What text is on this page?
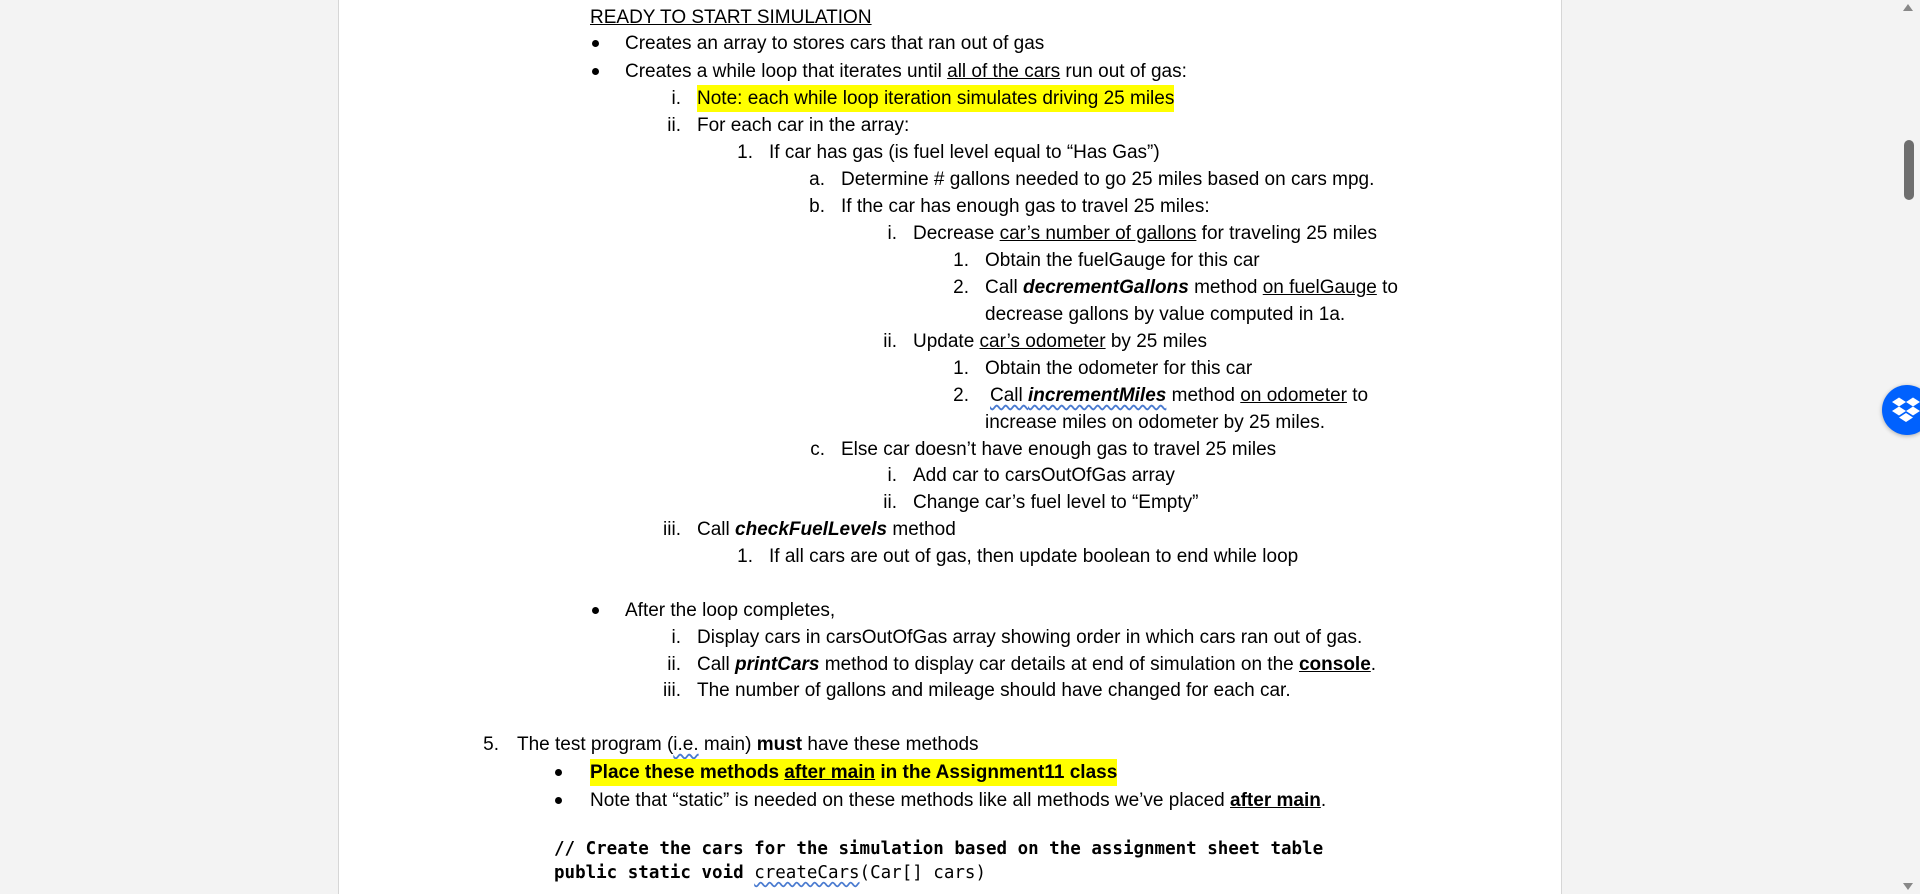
READY TO START SIMULATION
Creates an array to stores cars that ran out of gas
Creates a while loop that iterates until all of the cars run out of gas:
i. Note: each while loop iteration simulates driving 25 miles
ii. For each car in the array:
1. If car has gas (is fuel level equal to “Has Gas”)
a. Determine # gallons needed to go 25 miles based on cars mpg.
b. If the car has enough gas to travel 25 miles:
i. Decrease car’s number of gallons for traveling 25 miles
1. Obtain the fuelGauge for this car
2. Call decrementGallons method on fuelGauge to
decrease gallons by value computed in 1a.
ii. Update car’s odometer by 25 miles
1. Obtain the odometer for this car
2. Call incrementMiles method on odometer to
increase miles on odometer by 25 miles.
c. Else car doesn’t have enough gas to travel 25 miles
i. Add car to carsOutOfGas array
ii. Change car’s fuel level to “Empty”
iii. Call checkFuelLevels method
1. If all cars are out of gas, then update boolean to end while loop
After the loop completes,
i. Display cars in carsOutOfGas array showing order in which cars ran out of gas.
ii. Call printCars method to display car details at end of simulation on the console.
iii. The number of gallons and mileage should have changed for each car.
5. The test program (i.e. main) must have these methods
Place these methods after main in the Assignment11 class
Note that “static” is needed on these methods like all methods we’ve placed after main.
// Create the cars for the simulation based on the assignment sheet table
public static void createCars(Car[] cars)
